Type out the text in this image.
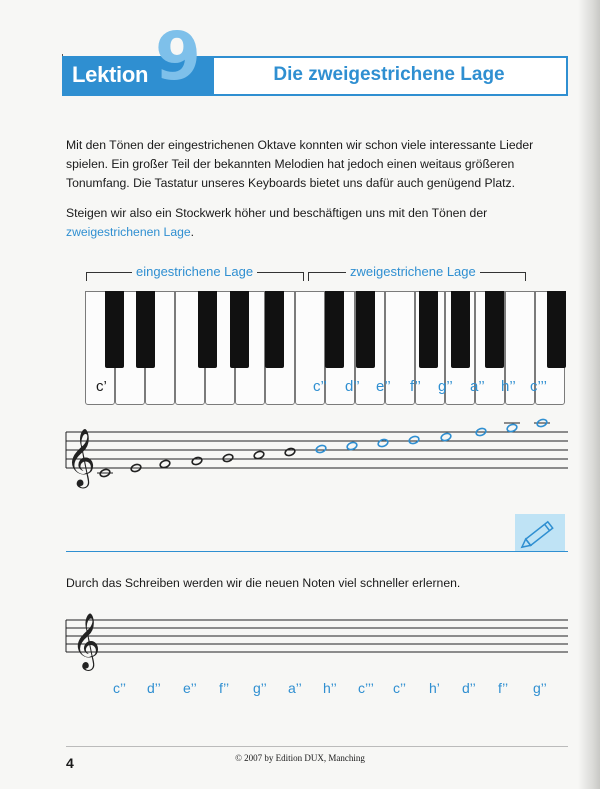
Lektion 9	Die zweigestrichene Lage
Mit den Tönen der eingestrichenen Oktave konnten wir schon viele interessante Lieder spielen. Ein großer Teil der bekannten Melodien hat jedoch einen weitaus größeren Tonumfang. Die Tastatur unseres Keyboards bietet uns dafür auch genügend Platz.
Steigen wir also ein Stockwerk höher und beschäftigen uns mit den Tönen der zweigestrichenen Lage.
eingestrichene Lage	zweigestrichene Lage
c’	c’’ d’’ e’’ f’’ g’’ a’’ h’’ c’’’
𝄞
𝄞
Durch das Schreiben werden wir die neuen Noten viel schneller erlernen.
c’’ d’’ e’’ f’’ g’’ a’’ h’’ c’’’ c’’ h’ d’’ f’’ g’’
4	© 2007 by Edition DUX, Manching
